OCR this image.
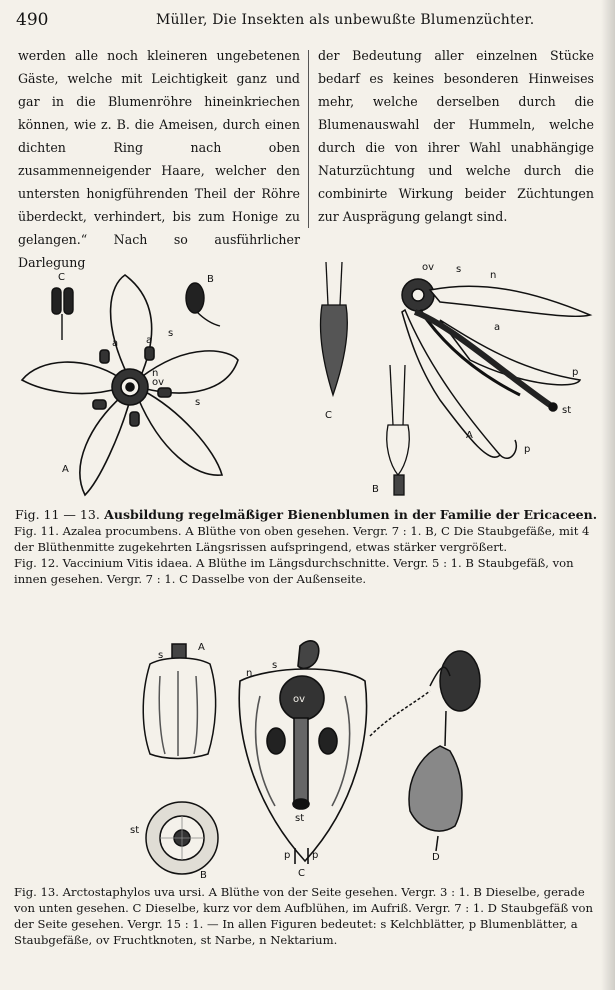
490	Müller, Die Insekten als unbewußte Blumenzüchter.

werden alle noch kleineren ungebetenen Gäste, welche mit Leichtigkeit ganz und gar in die Blumenröhre hineinkriechen können, wie z. B. die Ameisen, durch einen dichten Ring nach oben zusammenneigender Haare, welcher den untersten honigführenden Theil der Röhre überdeckt, verhindert, bis zum Honige zu gelangen.“ Nach so ausführlicher Darlegung

der Bedeutung aller einzelnen Stücke bedarf es keines besonderen Hinweises mehr, welche derselben durch die Blumenauswahl der Hummeln, welche durch die von ihrer Wahl unabhängige Naturzüchtung und welche durch die combinirte Wirkung beider Züchtungen zur Ausprägung gelangt sind.

C	B
a	a
s
n
ov
s
A
C
B
ov s
n
a
st
p
A
p
Fig. 11 — 13. Ausbildung regelmäßiger Bienenblumen in der Familie der Ericaceen.
Fig. 11. Azalea procumbens. A Blüthe von oben gesehen. Vergr. 7 : 1. B, C Die Staubgefäße, mit 4 der Blüthenmitte zugekehrten Längsrissen aufspringend, etwas stärker vergrößert.
Fig. 12. Vaccinium Vitis idaea. A Blüthe im Längsdurchschnitte. Vergr. 5 : 1. B Staubgefäß, von innen gesehen. Vergr. 7 : 1. C Dasselbe von der Außenseite.
s
A
st
B
n
s
ov
st
p p
C
D
Fig. 13. Arctostaphylos uva ursi. A Blüthe von der Seite gesehen. Vergr. 3 : 1. B Dieselbe, gerade von unten gesehen. C Dieselbe, kurz vor dem Aufblühen, im Aufriß. Vergr. 7 : 1. D Staubgefäß von der Seite gesehen. Vergr. 15 : 1. — In allen Figuren bedeutet: s Kelchblätter, p Blumenblätter, a Staubgefäße, ov Fruchtknoten, st Narbe, n Nektarium.
